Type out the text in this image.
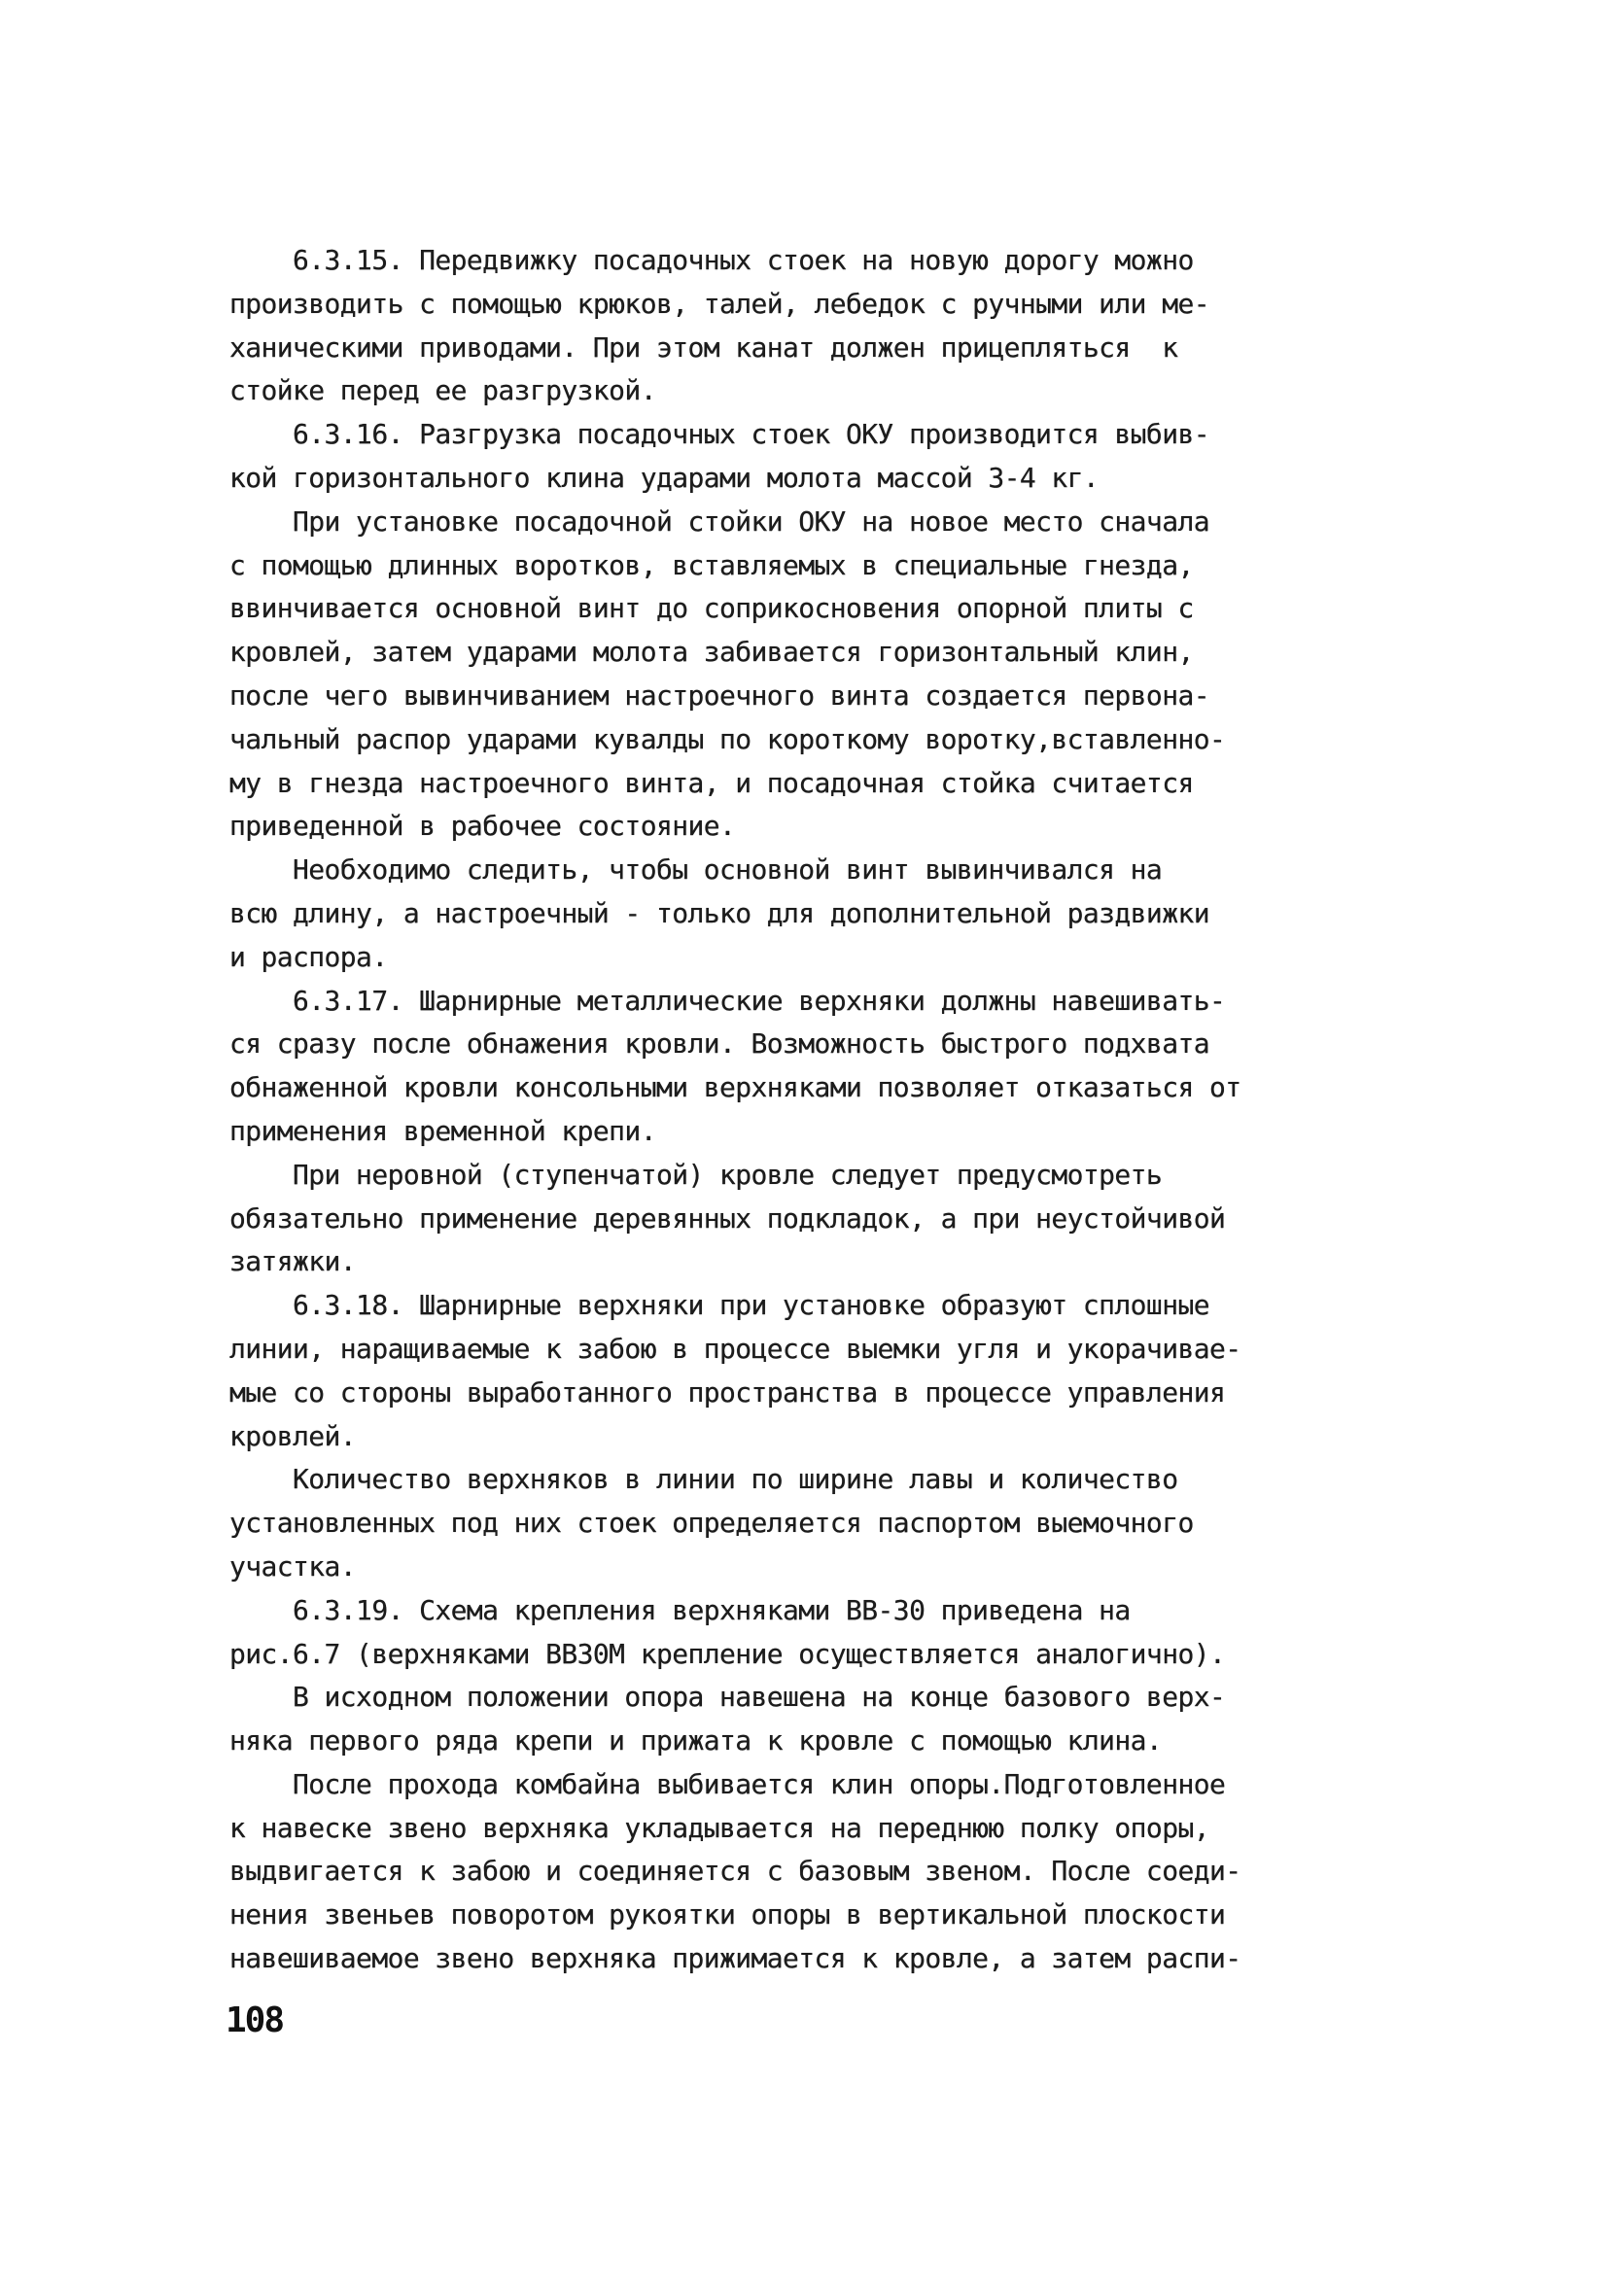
6.3.15. Передвижку посадочных стоек на новую дорогу можно
производить с помощью крюков, талей, лебедок с ручными или ме-
ханическими приводами. При этом канат должен прицепляться  к
стойке перед ее разгрузкой.
6.3.16. Разгрузка посадочных стоек ОКУ производится выбив-
кой горизонтального клина ударами молота массой 3-4 кг.
При установке посадочной стойки ОКУ на новое место сначала
с помощью длинных воротков, вставляемых в специальные гнезда,
ввинчивается основной винт до соприкосновения опорной плиты с
кровлей, затем ударами молота забивается горизонтальный клин,
после чего вывинчиванием настроечного винта создается первона-
чальный распор ударами кувалды по короткому воротку,вставленно-
му в гнезда настроечного винта, и посадочная стойка считается
приведенной в рабочее состояние.
Необходимо следить, чтобы основной винт вывинчивался на
всю длину, а настроечный - только для дополнительной раздвижки
и распора.
6.3.17. Шарнирные металлические верхняки должны навешивать-
ся сразу после обнажения кровли. Возможность быстрого подхвата
обнаженной кровли консольными верхняками позволяет отказаться от
применения временной крепи.
При неровной (ступенчатой) кровле следует предусмотреть
обязательно применение деревянных подкладок, а при неустойчивой
затяжки.
6.3.18. Шарнирные верхняки при установке образуют сплошные
линии, наращиваемые к забою в процессе выемки угля и укорачивае-
мые со стороны выработанного пространства в процессе управления
кровлей.
Количество верхняков в линии по ширине лавы и количество
установленных под них стоек определяется паспортом выемочного
участка.
6.3.19. Схема крепления верхняками ВВ-30 приведена на
рис.6.7 (верхняками ВВ30М крепление осуществляется аналогично).
В исходном положении опора навешена на конце базового верх-
няка первого ряда крепи и прижата к кровле с помощью клина.
После прохода комбайна выбивается клин опоры.Подготовленное
к навеске звено верхняка укладывается на переднюю полку опоры,
выдвигается к забою и соединяется с базовым звеном. После соеди-
нения звеньев поворотом рукоятки опоры в вертикальной плоскости
навешиваемое звено верхняка прижимается к кровле, а затем распи-
108
